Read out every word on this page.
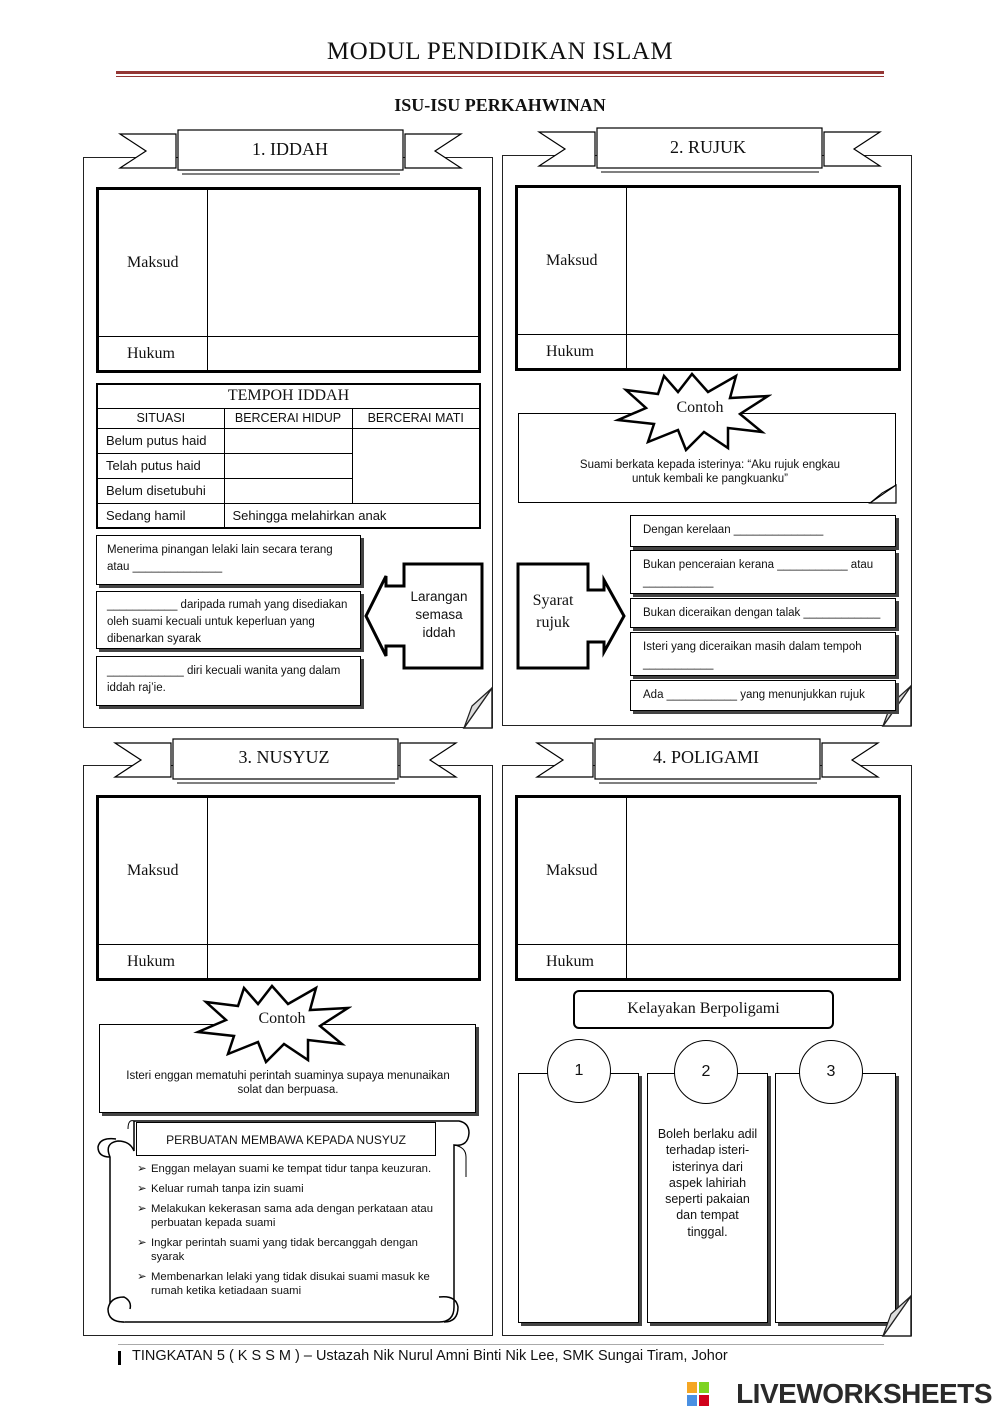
MODUL PENDIDIKAN ISLAM
ISU-ISU PERKAHWINAN
1. IDDAH
Maksud	
Hukum	
TEMPOH IDDAH		
SITUASI	BERCERAI HIDUP	BERCERAI MATI
Belum putus haid		
Telah putus haid		
Belum disetubuhi		
Sedang hamil	Sehingga melahirkan anak	
Menerima pinangan lelaki lain secara terang atau ______________
___________ daripada rumah yang disediakan oleh suami kecuali untuk keperluan yang dibenarkan syarak
____________ diri kecuali wanita yang dalam iddah raj’ie.
Larangan semasa iddah
2. RUJUK
Maksud	
Hukum	
Contoh
Suami berkata kepada isterinya: “Aku rujuk engkau untuk kembali ke pangkuanku”
Syarat rujuk
Dengan kerelaan ______________
Bukan penceraian kerana ___________ atau ___________
Bukan diceraikan dengan talak ____________
Isteri yang diceraikan masih dalam tempoh ___________
Ada ___________ yang menunjukkan rujuk
3. NUSYUZ
Maksud	
Hukum	
Contoh
Isteri enggan mematuhi perintah suaminya supaya menunaikan solat dan berpuasa.
PERBUATAN MEMBAWA KEPADA NUSYUZ
➢ Enggan melayan suami ke tempat tidur tanpa keuzuran.
➢ Keluar rumah tanpa izin suami
➢ Melakukan kekerasan sama ada dengan perkataan atau perbuatan kepada suami
➢ Ingkar perintah suami yang tidak bercanggah dengan syarak
➢ Membenarkan lelaki yang tidak disukai suami masuk ke rumah ketika ketiadaan suami
4. POLIGAMI
Maksud	
Hukum	
Kelayakan Berpoligami
1	2	3
Boleh berlaku adil terhadap isteri-isterinya dari aspek lahiriah seperti pakaian dan tempat tinggal.
TINGKATAN 5 ( K S S M ) – Ustazah Nik Nurul Amni Binti Nik Lee, SMK Sungai Tiram, Johor
LIVEWORKSHEETS
